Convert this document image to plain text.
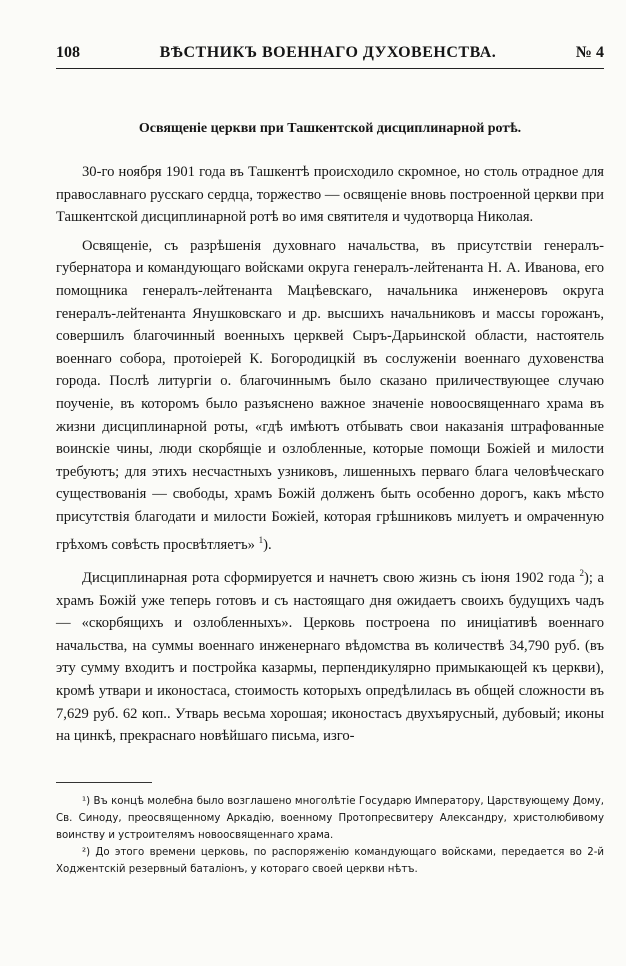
108	ВѢСТНИКЪ ВОЕННАГО ДУХОВЕНСТВА.	№ 4
Освященіе церкви при Ташкентской дисциплинарной ротѣ.

30-го ноября 1901 года въ Ташкентѣ происходило скромное, но столь отрадное для православнаго русскаго сердца, торжество — освященіе вновь построенной церкви при Ташкентской дисциплинарной ротѣ во имя святителя и чудотворца Николая.

Освященіе, съ разрѣшенія духовнаго начальства, въ присутствіи генералъ-губернатора и командующаго войсками округа генералъ-лейтенанта Н. А. Иванова, его помощника генералъ-лейтенанта Мацѣевскаго, начальника инженеровъ округа генералъ-лейтенанта Янушковскаго и др. высшихъ начальниковъ и массы горожанъ, совершилъ благочинный военныхъ церквей Сыръ-Дарьинской области, настоятель военнаго собора, протоіерей К. Богородицкій въ сослуженіи военнаго духовенства города. Послѣ литургіи о. благочиннымъ было сказано приличествующее случаю поученіе, въ которомъ было разъяснено важное значеніе новоосвященнаго храма въ жизни дисциплинарной роты, «гдѣ имѣютъ отбывать свои наказанія штрафованные воинскіе чины, люди скорбящіе и озлобленные, которые помощи Божіей и милости требуютъ; для этихъ несчастныхъ узниковъ, лишенныхъ перваго блага человѣческаго существованія — свободы, храмъ Божій долженъ быть особенно дорогъ, какъ мѣсто присутствія благодати и милости Божіей, которая грѣшниковъ милуетъ и омраченную грѣхомъ совѣсть просвѣтляетъ» $^1$).

Дисциплинарная рота сформируется и начнетъ свою жизнь съ іюня 1902 года $^2$); а храмъ Божій уже теперь готовъ и съ настоящаго дня ожидаетъ своихъ будущихъ чадъ — «скорбящихъ и озлобленныхъ». Церковь построена по иниціативѣ военнаго начальства, на суммы военнаго инженернаго вѣдомства въ количествѣ 34,790 руб. (въ эту сумму входитъ и постройка казармы, перпендикулярно примыкающей къ церкви), кромѣ утвари и иконостаса, стоимость которыхъ опредѣлилась въ общей сложности въ 7,629 руб. 62 коп.. Утварь весьма хорошая; иконостасъ двухъярусный, дубовый; иконы на цинкѣ, прекраснаго новѣйшаго письма, изго-

¹) Въ концѣ молебна было возглашено многолѣтіе Государю Императору, Царствующему Дому, Св. Синоду, преосвященному Аркадію, военному Протопресвитеру Александру, христолюбивому воинству и устроителямъ новоосвященнаго храма.

²) До этого времени церковь, по распоряженію командующаго войсками, передается во 2-й Ходжентскій резервный баталіонъ, у котораго своей церкви нѣтъ.
